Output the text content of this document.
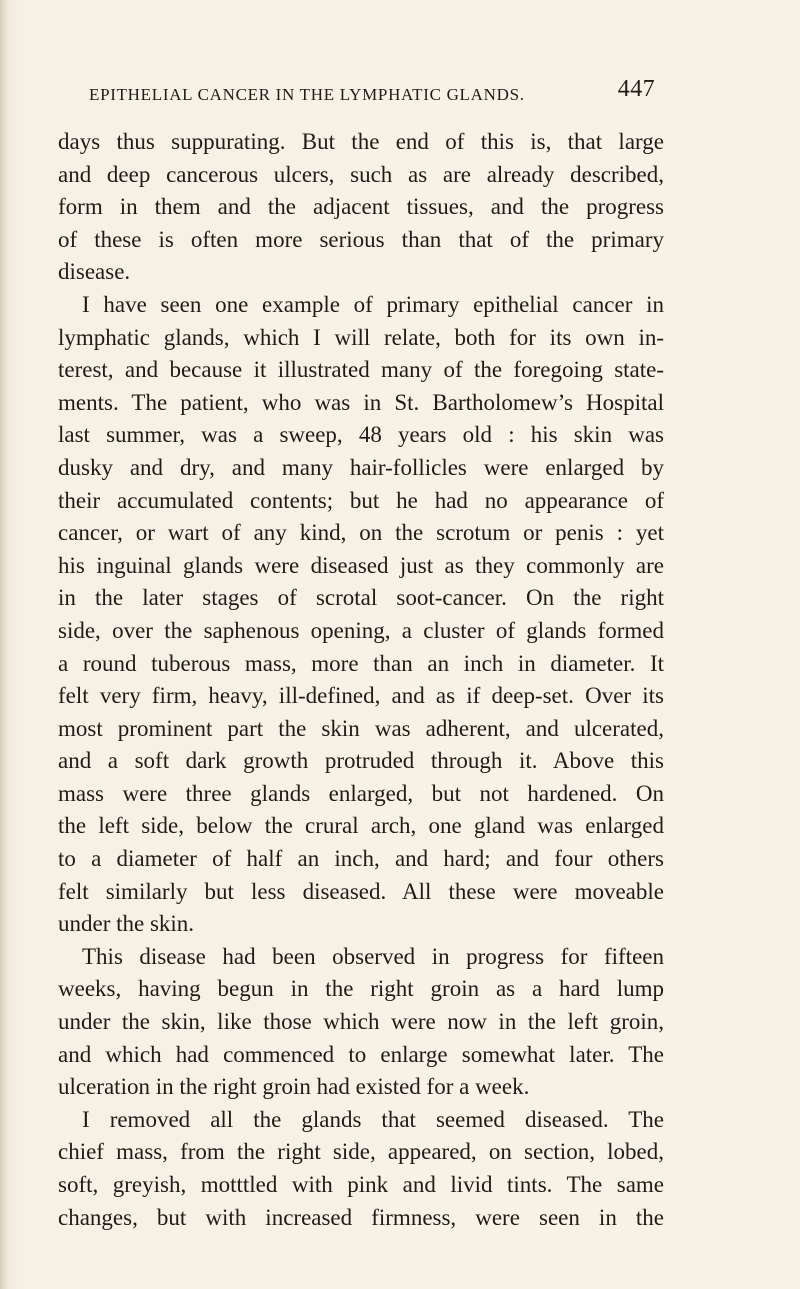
EPITHELIAL CANCER IN THE LYMPHATIC GLANDS.	447
days thus suppurating. But the end of this is, that large
and deep cancerous ulcers, such as are already described,
form in them and the adjacent tissues, and the progress
of these is often more serious than that of the primary
disease.
I have seen one example of primary epithelial cancer in
lymphatic glands, which I will relate, both for its own in-
terest, and because it illustrated many of the foregoing state-
ments. The patient, who was in St. Bartholomew’s Hospital
last summer, was a sweep, 48 years old : his skin was
dusky and dry, and many hair-follicles were enlarged by
their accumulated contents; but he had no appearance of
cancer, or wart of any kind, on the scrotum or penis : yet
his inguinal glands were diseased just as they commonly are
in the later stages of scrotal soot-cancer. On the right
side, over the saphenous opening, a cluster of glands formed
a round tuberous mass, more than an inch in diameter. It
felt very firm, heavy, ill-defined, and as if deep-set. Over its
most prominent part the skin was adherent, and ulcerated,
and a soft dark growth protruded through it. Above this
mass were three glands enlarged, but not hardened. On
the left side, below the crural arch, one gland was enlarged
to a diameter of half an inch, and hard; and four others
felt similarly but less diseased. All these were moveable
under the skin.
This disease had been observed in progress for fifteen
weeks, having begun in the right groin as a hard lump
under the skin, like those which were now in the left groin,
and which had commenced to enlarge somewhat later. The
ulceration in the right groin had existed for a week.
I removed all the glands that seemed diseased. The
chief mass, from the right side, appeared, on section, lobed,
soft, greyish, motttled with pink and livid tints. The same
changes, but with increased firmness, were seen in the
